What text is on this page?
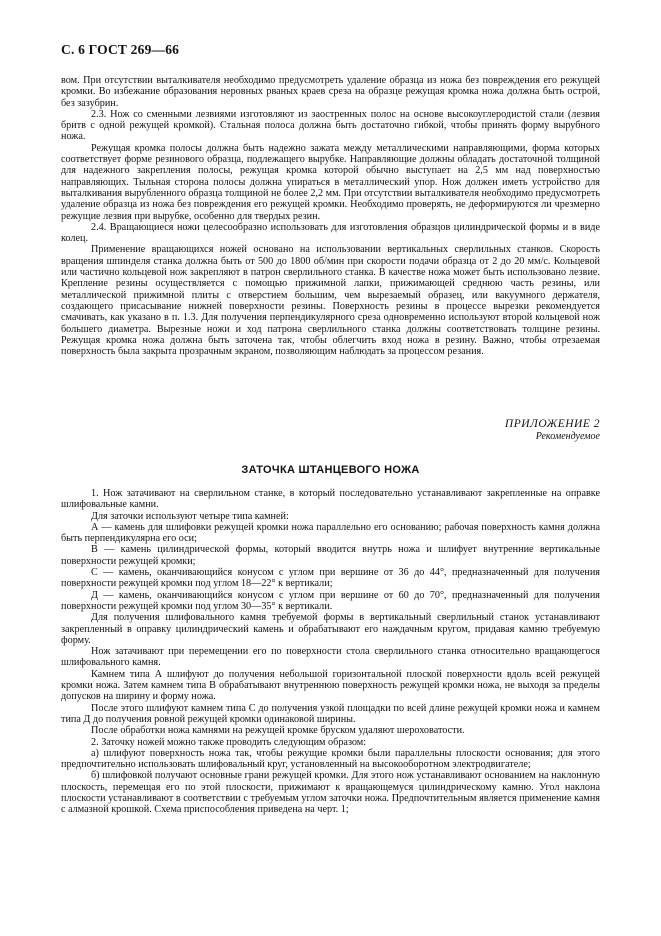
С. 6 ГОСТ 269—66

вом. При отсутствии выталкивателя необходимо предусмотреть удаление образца из ножа без повреждения его режущей кромки. Во избежание образования неровных рваных краев среза на образце режущая кромка ножа должна быть острой, без зазубрин.

2.3. Нож со сменными лезвиями изготовляют из заостренных полос на основе высокоуглеродистой стали (лезвия бритв с одной режущей кромкой). Стальная полоса должна быть достаточно гибкой, чтобы принять форму вырубного ножа.

Режущая кромка полосы должна быть надежно зажата между металлическими направляющими, форма которых соответствует форме резинового образца, подлежащего вырубке. Направляющие должны обладать достаточной толщиной для надежного закрепления полосы, режущая кромка которой обычно выступает на 2,5 мм над поверхностью направляющих. Тыльная сторона полосы должна упираться в металлический упор. Нож должен иметь устройство для выталкивания вырубленного образца толщиной не более 2,2 мм. При отсутствии выталкивателя необходимо предусмотреть удаление образца из ножа без повреждения его режущей кромки. Необходимо проверять, не деформируются ли чрезмерно режущие лезвия при вырубке, особенно для твердых резин.

2.4. Вращающиеся ножи целесообразно использовать для изготовления образцов цилиндрической формы и в виде колец.

Применение вращающихся ножей основано на использовании вертикальных сверлильных станков. Скорость вращения шпинделя станка должна быть от 500 до 1800 об/мин при скорости подачи образца от 2 до 20 мм/с. Кольцевой или частично кольцевой нож закрепляют в патрон сверлильного станка. В качестве ножа может быть использовано лезвие. Крепление резины осуществляется с помощью прижимной лапки, прижимающей среднюю часть резины, или металлической прижимной плиты с отверстием большим, чем вырезаемый образец, или вакуумного держателя, создающего присасывание нижней поверхности резины. Поверхность резины в процессе вырезки рекомендуется смачивать, как указано в п. 1.3. Для получения перпендикулярного среза одновременно используют второй кольцевой нож большего диаметра. Вырезные ножи и ход патрона сверлильного станка должны соответствовать толщине резины. Режущая кромка ножа должна быть заточена так, чтобы облегчить вход ножа в резину. Важно, чтобы отрезаемая поверхность была закрыта прозрачным экраном, позволяющим наблюдать за процессом резания.

ПРИЛОЖЕНИЕ 2
Рекомендуемое
ЗАТОЧКА ШТАНЦЕВОГО НОЖА

1. Нож затачивают на сверлильном станке, в который последовательно устанавливают закрепленные на оправке шлифовальные камни.

Для заточки используют четыре типа камней:

А — камень для шлифовки режущей кромки ножа параллельно его основанию; рабочая поверхность камня должна быть перпендикулярна его оси;

В — камень цилиндрической формы, который вводится внутрь ножа и шлифует внутренние вертикальные поверхности режущей кромки;

С — камень, оканчивающийся конусом с углом при вершине от 36 до 44°, предназначенный для получения поверхности режущей кромки под углом 18—22° к вертикали;

Д — камень, оканчивающийся конусом с углом при вершине от 60 до 70°, предназначенный для получения поверхности режущей кромки под углом 30—35° к вертикали.

Для получения шлифовального камня требуемой формы в вертикальный сверлильный станок устанавливают закрепленный в оправку цилиндрический камень и обрабатывают его наждачным кругом, придавая камню требуемую форму.

Нож затачивают при перемещении его по поверхности стола сверлильного станка относительно вращающегося шлифовального камня.

Камнем типа А шлифуют до получения небольшой горизонтальной плоской поверхности вдоль всей режущей кромки ножа. Затем камнем типа В обрабатывают внутреннюю поверхность режущей кромки ножа, не выходя за пределы допусков на ширину и форму ножа.

После этого шлифуют камнем типа С до получения узкой площадки по всей длине режущей кромки ножа и камнем типа Д до получения ровной режущей кромки одинаковой ширины.

После обработки ножа камнями на режущей кромке бруском удаляют шероховатости.

2. Заточку ножей можно также проводить следующим образом:

а) шлифуют поверхность ножа так, чтобы режущие кромки были параллельны плоскости основания; для этого предпочтительно использовать шлифовальный круг, установленный на высокооборотном электродвигателе;

б) шлифовкой получают основные грани режущей кромки. Для этого нож устанавливают основанием на наклонную плоскость, перемещая его по этой плоскости, прижимают к вращающемуся цилиндрическому камню. Угол наклона плоскости устанавливают в соответствии с требуемым углом заточки ножа. Предпочтительным является применение камня с алмазной крошкой. Схема приспособления приведена на черт. 1;
